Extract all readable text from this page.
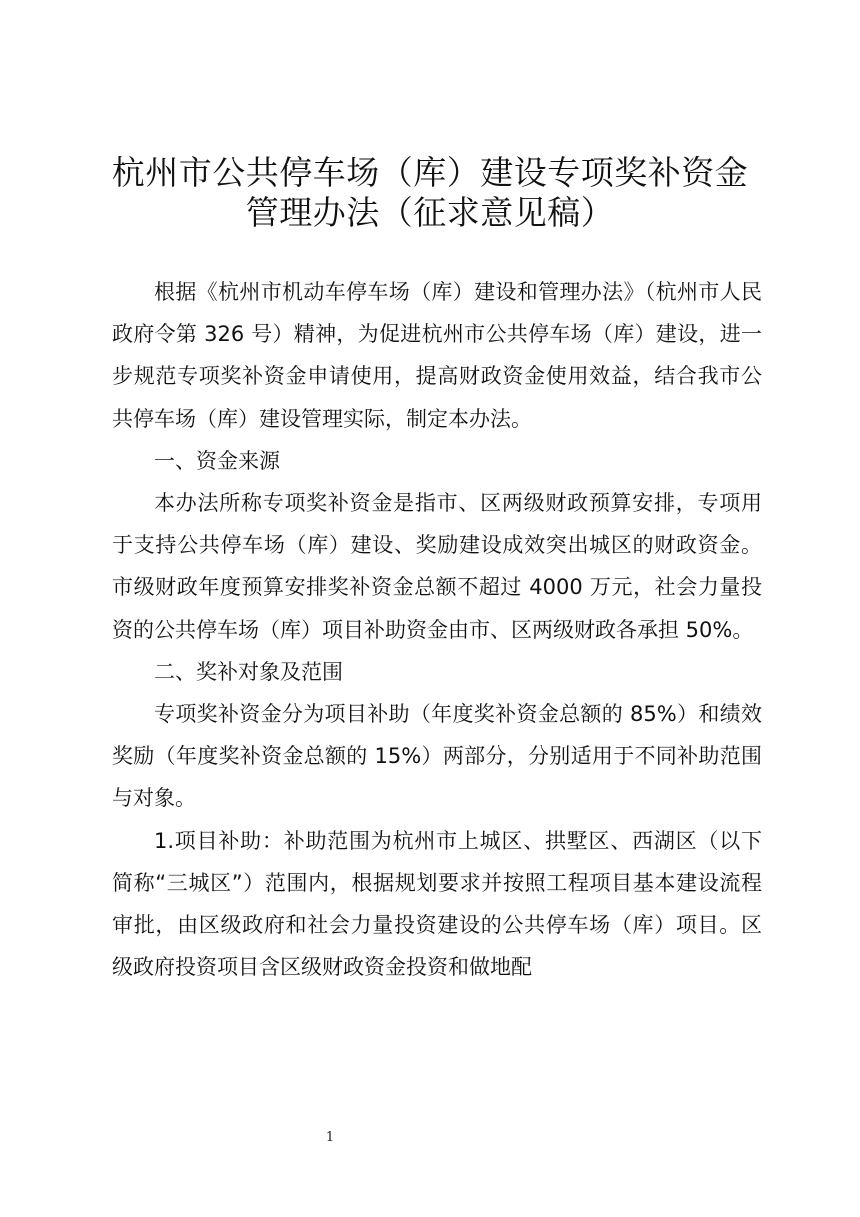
杭州市公共停车场（库）建设专项奖补资金
管理办法（征求意见稿）

根据《杭州市机动车停车场（库）建设和管理办法》（杭州市人民政府令第 326 号）精神，为促进杭州市公共停车场（库）建设，进一步规范专项奖补资金申请使用，提高财政资金使用效益，结合我市公共停车场（库）建设管理实际，制定本办法。

一、资金来源

本办法所称专项奖补资金是指市、区两级财政预算安排，专项用于支持公共停车场（库）建设、奖励建设成效突出城区的财政资金。市级财政年度预算安排奖补资金总额不超过 4000 万元，社会力量投资的公共停车场（库）项目补助资金由市、区两级财政各承担 50%。

二、奖补对象及范围

专项奖补资金分为项目补助（年度奖补资金总额的 85%）和绩效奖励（年度奖补资金总额的 15%）两部分，分别适用于不同补助范围与对象。

1.项目补助：补助范围为杭州市上城区、拱墅区、西湖区（以下简称“三城区”）范围内，根据规划要求并按照工程项目基本建设流程审批，由区级政府和社会力量投资建设的公共停车场（库）项目。区级政府投资项目含区级财政资金投资和做地配

1
